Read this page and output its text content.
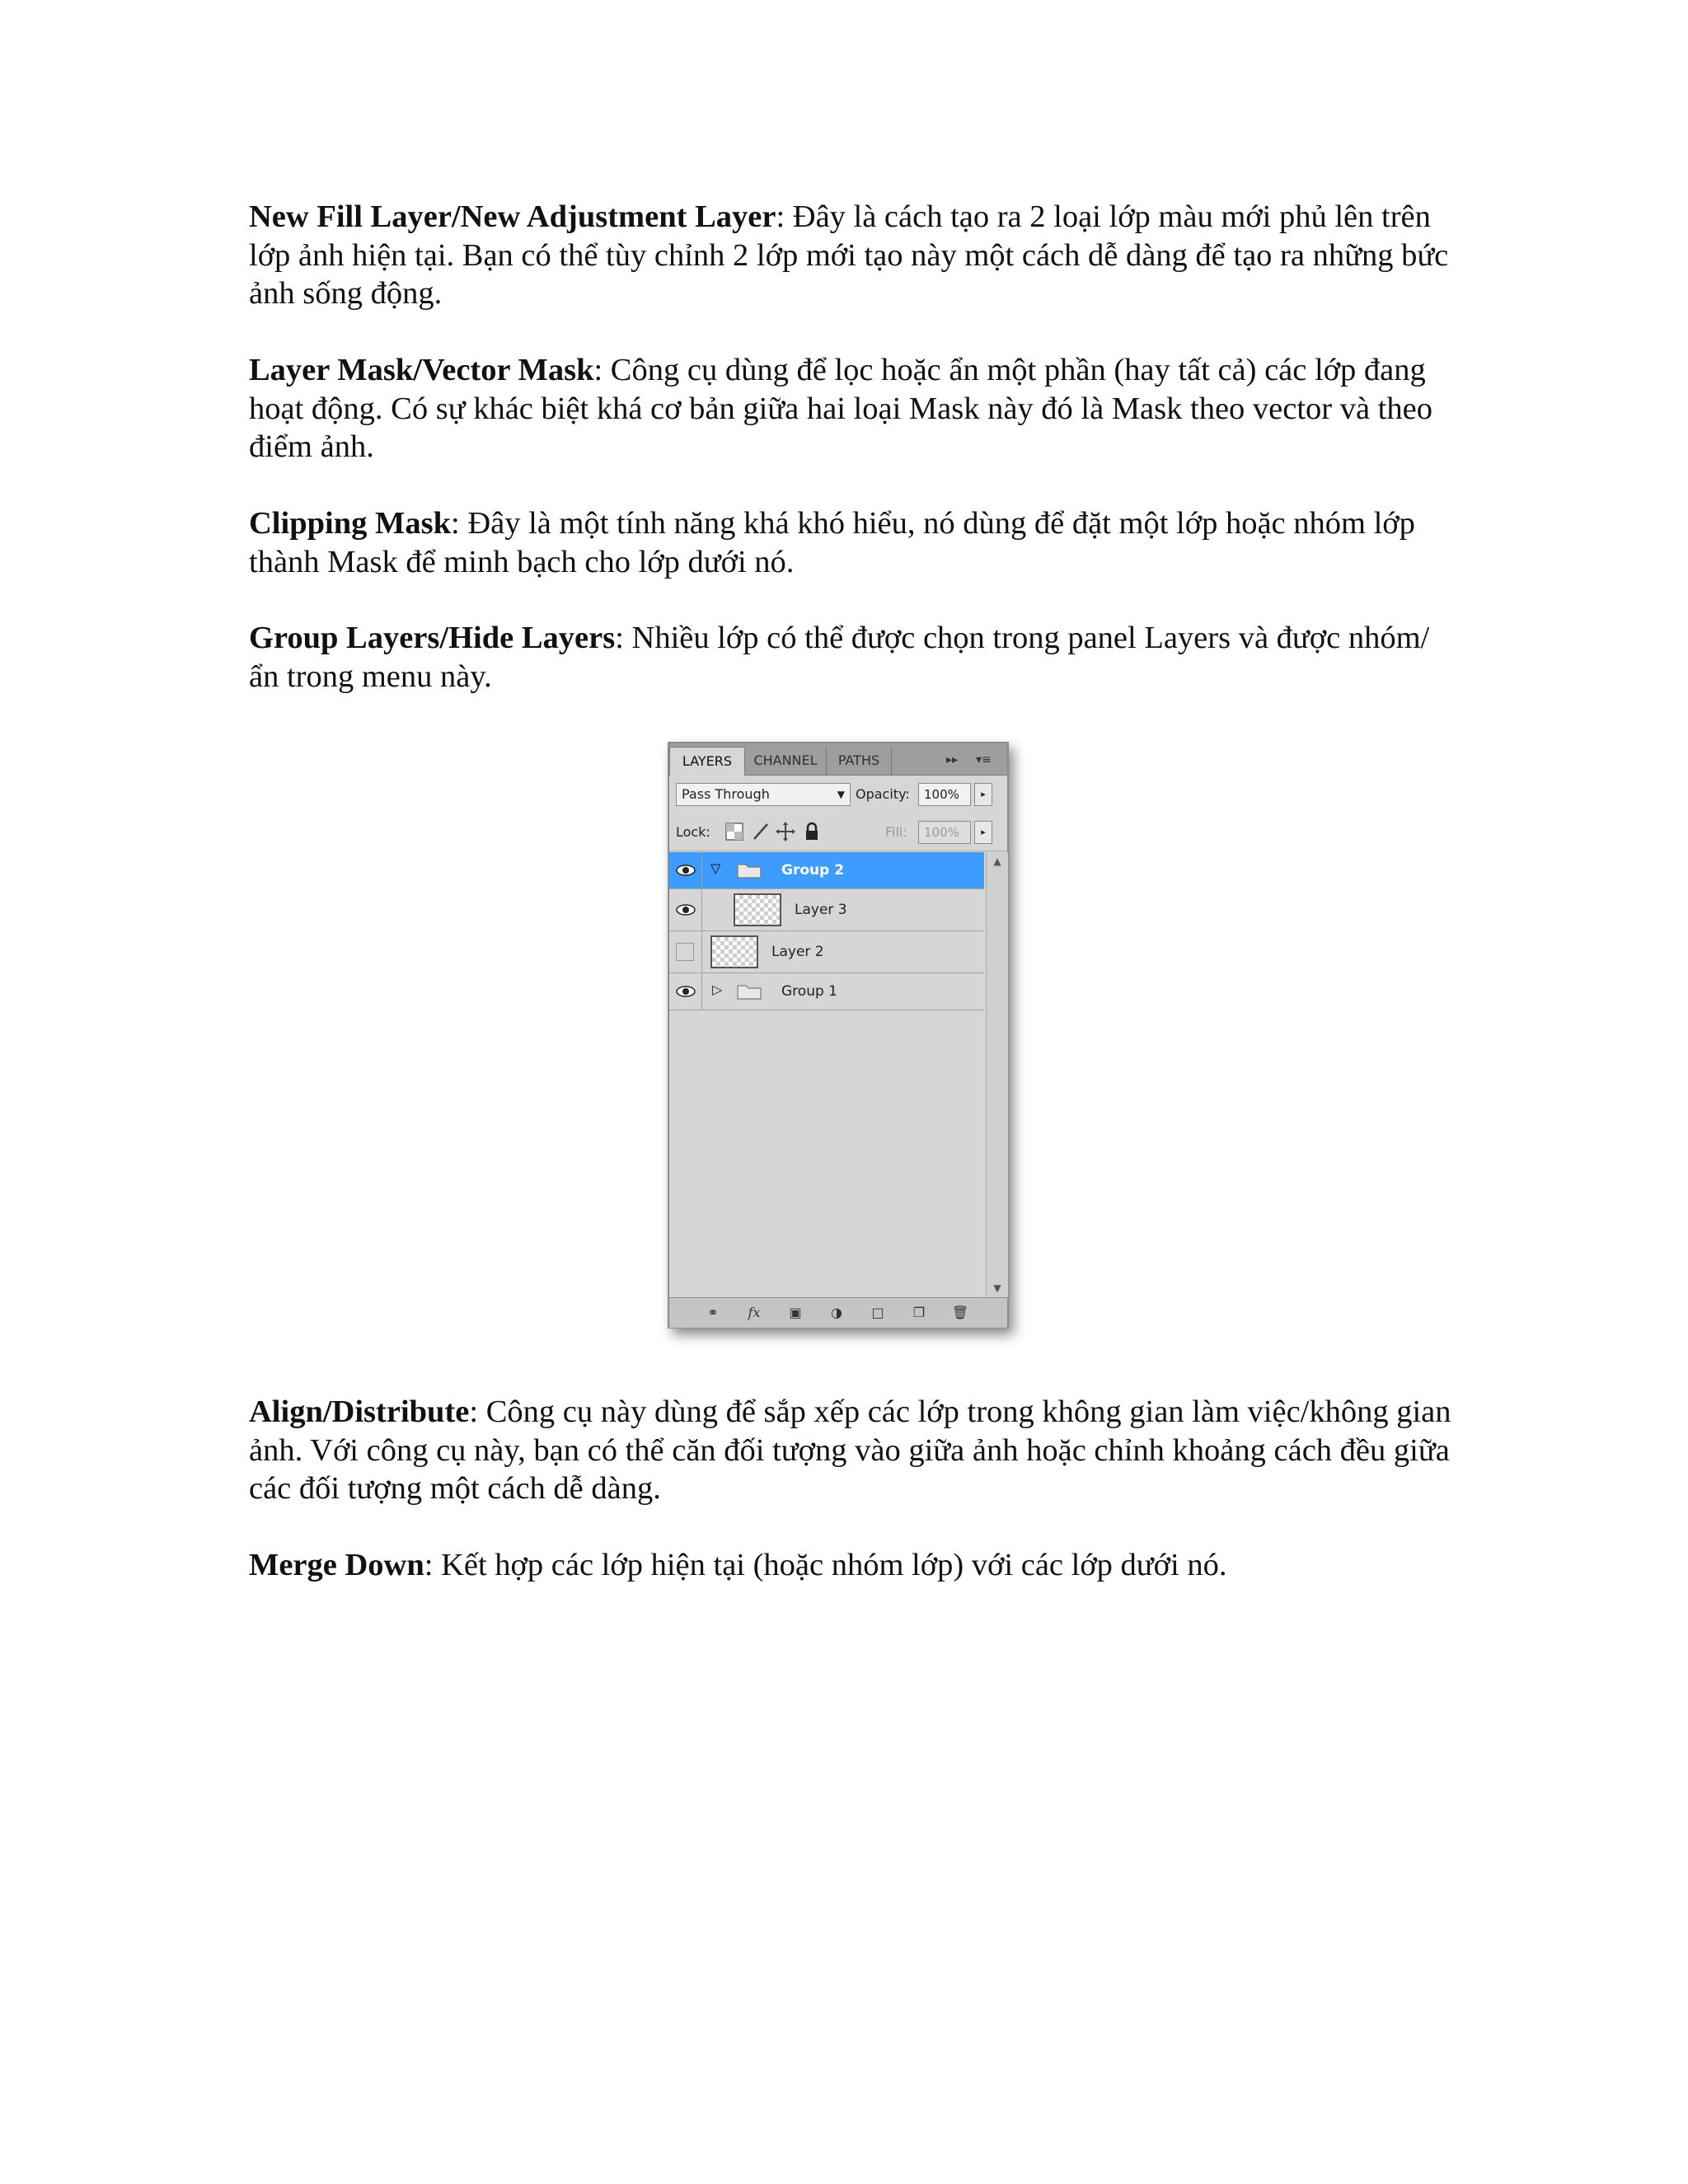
New Fill Layer/New Adjustment Layer: Đây là cách tạo ra 2 loại lớp màu mới phủ lên trên lớp ảnh hiện tại. Bạn có thể tùy chỉnh 2 lớp mới tạo này một cách dễ dàng để tạo ra những bức ảnh sống động.

Layer Mask/Vector Mask: Công cụ dùng để lọc hoặc ẩn một phần (hay tất cả) các lớp đang hoạt động. Có sự khác biệt khá cơ bản giữa hai loại Mask này đó là Mask theo vector và theo điểm ảnh.

Clipping Mask: Đây là một tính năng khá khó hiểu, nó dùng để đặt một lớp hoặc nhóm lớp thành Mask để minh bạch cho lớp dưới nó.

Group Layers/Hide Layers: Nhiều lớp có thể được chọn trong panel Layers và được nhóm/ẩn trong menu này.

Align/Distribute: Công cụ này dùng để sắp xếp các lớp trong không gian làm việc/không gian ảnh. Với công cụ này, bạn có thể căn đối tượng vào giữa ảnh hoặc chỉnh khoảng cách đều giữa các đối tượng một cách dễ dàng.

Merge Down: Kết hợp các lớp hiện tại (hoặc nhóm lớp) với các lớp dưới nó.

LAYERS	CHANNEL	PATHS	▸▸ ▾≡
Pass Through	▼ Opacity:	100%	▸
Lock:	Fill:	100%	▸
▽	Group 2
Layer 3
Layer 2
▷	Group 1
▲
▼
⚭	fx	▣	◑	□	❐	🗑
